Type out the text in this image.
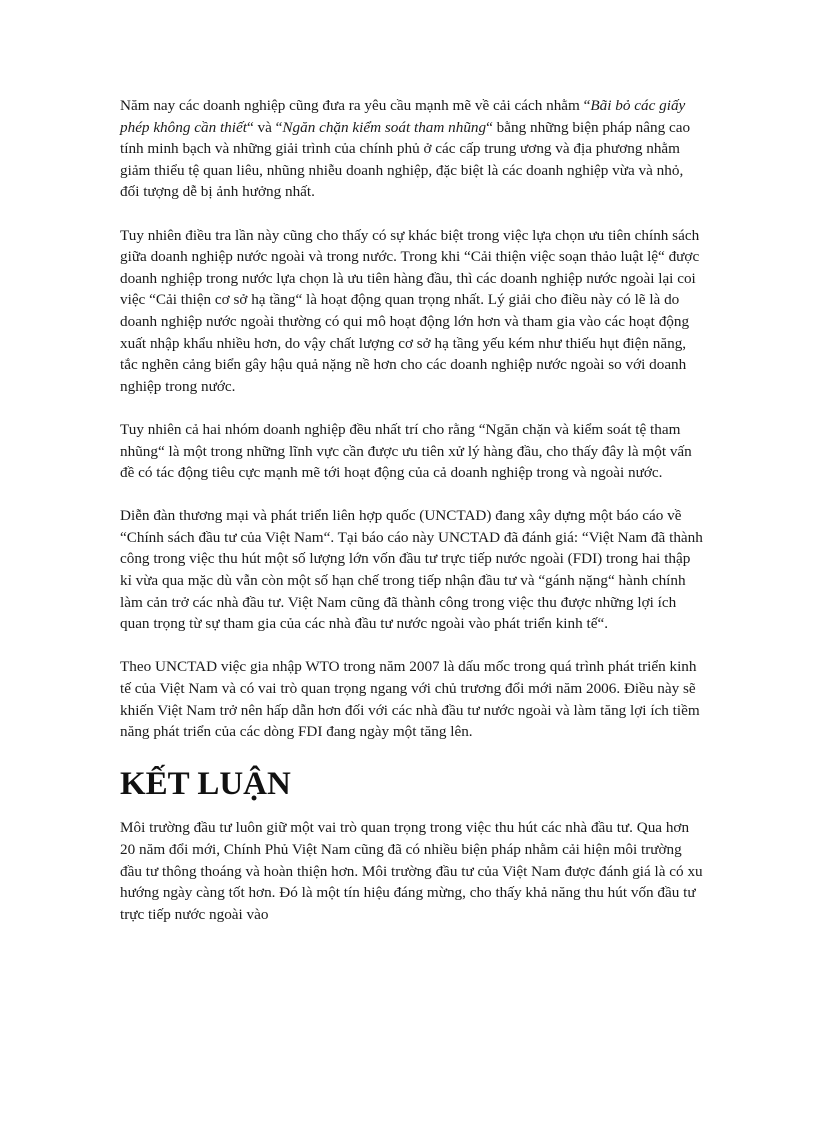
Năm nay các doanh nghiệp cũng đưa ra yêu cầu mạnh mẽ về cải cách nhằm “Bãi bỏ các giấy phép không cần thiết“ và “Ngăn chặn kiểm soát tham nhũng“ bằng những biện pháp nâng cao tính minh bạch và những giải trình của chính phủ ở các cấp trung ương và địa phương nhằm giảm thiểu tệ quan liêu, nhũng nhiễu doanh nghiệp, đặc biệt là các doanh nghiệp vừa và nhỏ, đối tượng dễ bị ảnh hưởng nhất.

Tuy nhiên điều tra lần này cũng cho thấy có sự khác biệt trong việc lựa chọn ưu tiên chính sách giữa doanh nghiệp nước ngoài và trong nước. Trong khi “Cải thiện việc soạn thảo luật lệ“ được doanh nghiệp trong nước lựa chọn là ưu tiên hàng đầu, thì các doanh nghiệp nước ngoài lại coi việc “Cải thiện cơ sở hạ tầng“ là hoạt động quan trọng nhất. Lý giải cho điều này có lẽ là do doanh nghiệp nước ngoài thường có qui mô hoạt động lớn hơn và tham gia vào các hoạt động xuất nhập khẩu nhiều hơn, do vậy chất lượng cơ sở hạ tầng yếu kém như thiếu hụt điện năng, tắc nghẽn cảng biển gây hậu quả nặng nề hơn cho các doanh nghiệp nước ngoài so với doanh nghiệp trong nước.

Tuy nhiên cả hai nhóm doanh nghiệp đều nhất trí cho rằng “Ngăn chặn và kiểm soát tệ tham nhũng“ là một trong những lĩnh vực cần được ưu tiên xử lý hàng đầu, cho thấy đây là một vấn đề có tác động tiêu cực mạnh mẽ tới hoạt động của cả doanh nghiệp trong và ngoài nước.

Diễn đàn thương mại và phát triển liên hợp quốc (UNCTAD) đang xây dựng một báo cáo về “Chính sách đầu tư của Việt Nam“. Tại báo cáo này UNCTAD đã đánh giá: “Việt Nam đã thành công trong việc thu hút một số lượng lớn vốn đầu tư trực tiếp nước ngoài (FDI) trong hai thập kỉ vừa qua mặc dù vẫn còn một số hạn chế trong tiếp nhận đầu tư và “gánh nặng“ hành chính làm cản trở các nhà đầu tư. Việt Nam cũng đã thành công trong việc thu được những lợi ích quan trọng từ sự tham gia của các nhà đầu tư nước ngoài vào phát triển kinh tế“.

Theo UNCTAD việc gia nhập WTO trong năm 2007 là dấu mốc trong quá trình phát triển kinh tế của Việt Nam và có vai trò quan trọng ngang với chủ trương đổi mới năm 2006. Điều này sẽ khiến Việt Nam trở nên hấp dẫn hơn đối với các nhà đầu tư nước ngoài và làm tăng lợi ích tiềm năng phát triển của các dòng FDI đang ngày một tăng lên.

KẾT LUẬN

Môi trường đầu tư luôn giữ một vai trò quan trọng trong việc thu hút các nhà đầu tư. Qua hơn 20 năm đổi mới, Chính Phủ Việt Nam cũng đã có nhiều biện pháp nhằm cải hiện môi trường đầu tư thông thoáng và hoàn thiện hơn. Môi trường đầu tư của Việt Nam được đánh giá là có xu hướng ngày càng tốt hơn. Đó là một tín hiệu đáng mừng, cho thấy khả năng thu hút vốn đầu tư trực tiếp nước ngoài vào
